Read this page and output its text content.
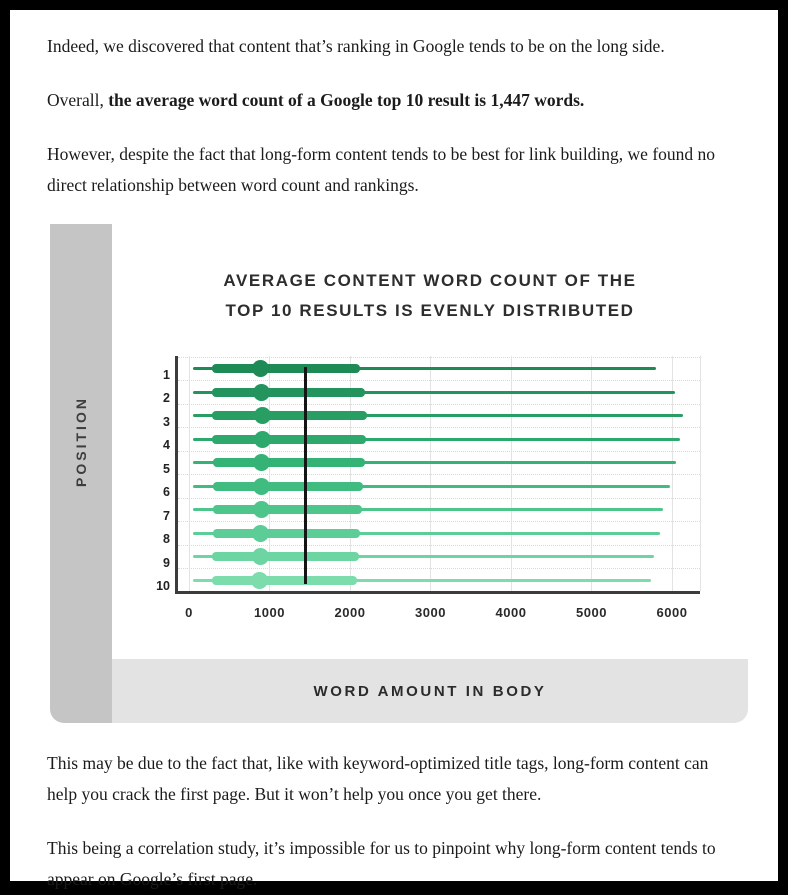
Indeed, we discovered that content that’s ranking in Google tends to be on the long side.

Overall, the average word count of a Google top 10 result is 1,447 words.

However, despite the fact that long-form content tends to be best for link building, we found no direct relationship between word count and rankings.

POSITION
AVERAGE CONTENT WORD COUNT OF THE
TOP 10 RESULTS IS EVENLY DISTRIBUTED
0	1000	2000	3000	4000	5000	6000
1
2
3
4
5
6
7
8
9
10
WORD AMOUNT IN BODY

This may be due to the fact that, like with keyword-optimized title tags, long-form content can help you crack the first page. But it won’t help you once you get there.

This being a correlation study, it’s impossible for us to pinpoint why long-form content tends to appear on Google’s first page.
